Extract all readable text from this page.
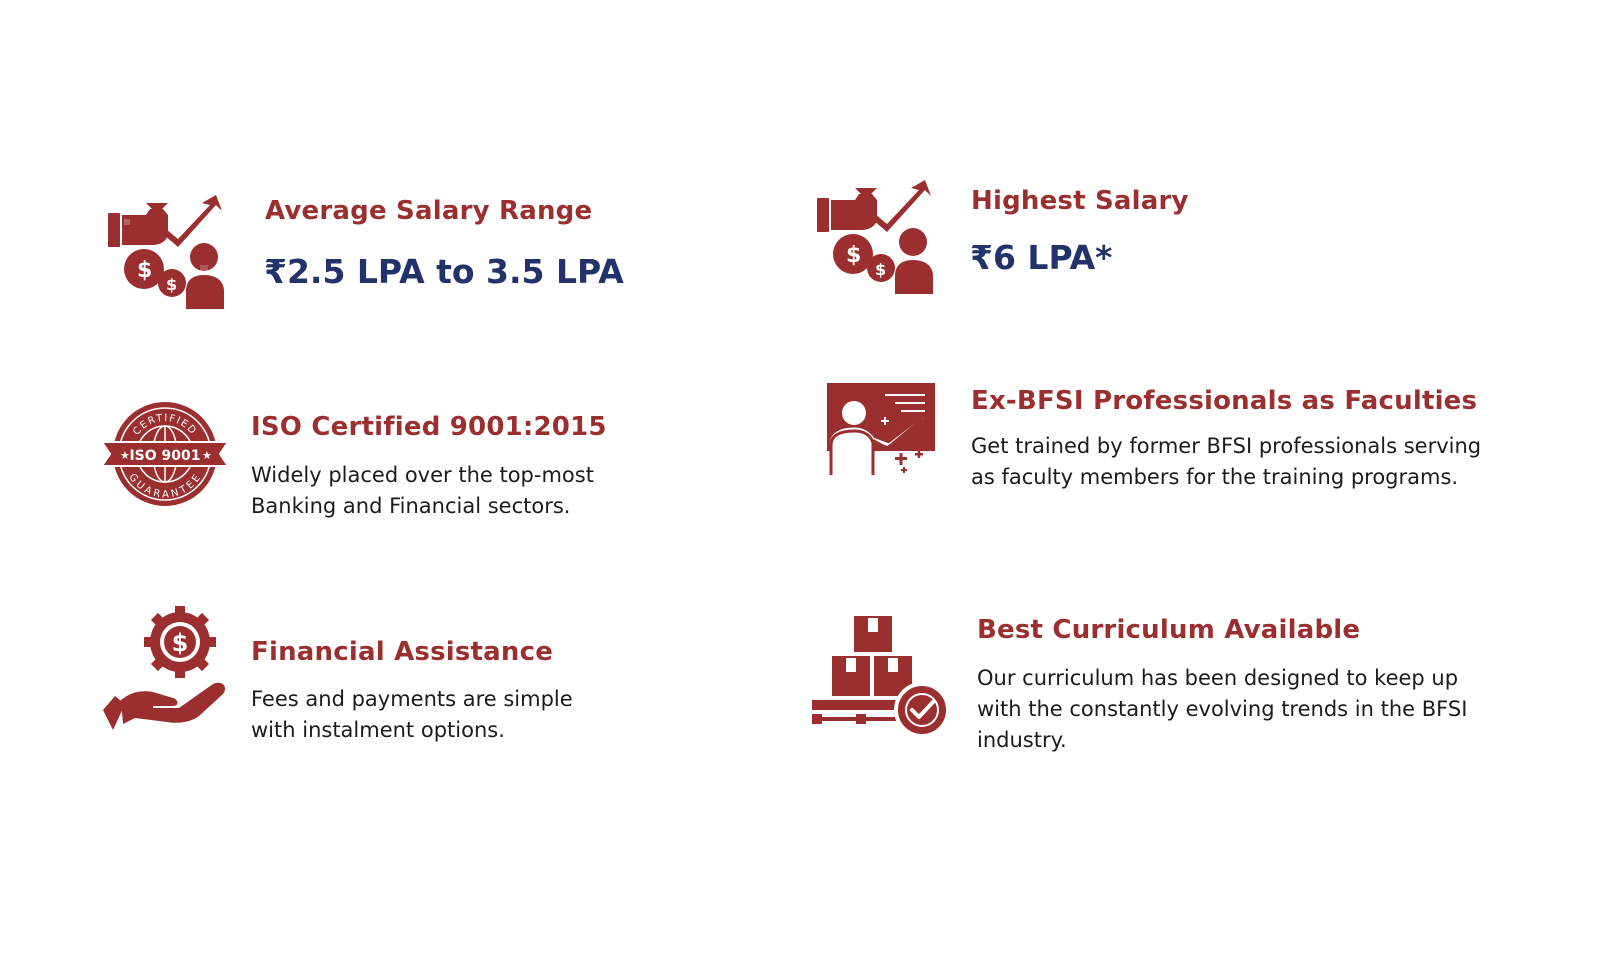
$
$
Average Salary Range
₹2.5 LPA to 3.5 LPA	$
$
Highest Salary
₹6 LPA*
CERTIFIED
ISO 9001
★	★
GUARANTEE
ISO Certified 9001:2015

Widely placed over the top-most
Banking and Financial sectors.

Ex-BFSI Professionals as Faculties

Get trained by former BFSI professionals serving
as faculty members for the training programs.

$ Financial Assistance

Fees and payments are simple
with instalment options.

Best Curriculum Available

Our curriculum has been designed to keep up
with the constantly evolving trends in the BFSI
industry.
